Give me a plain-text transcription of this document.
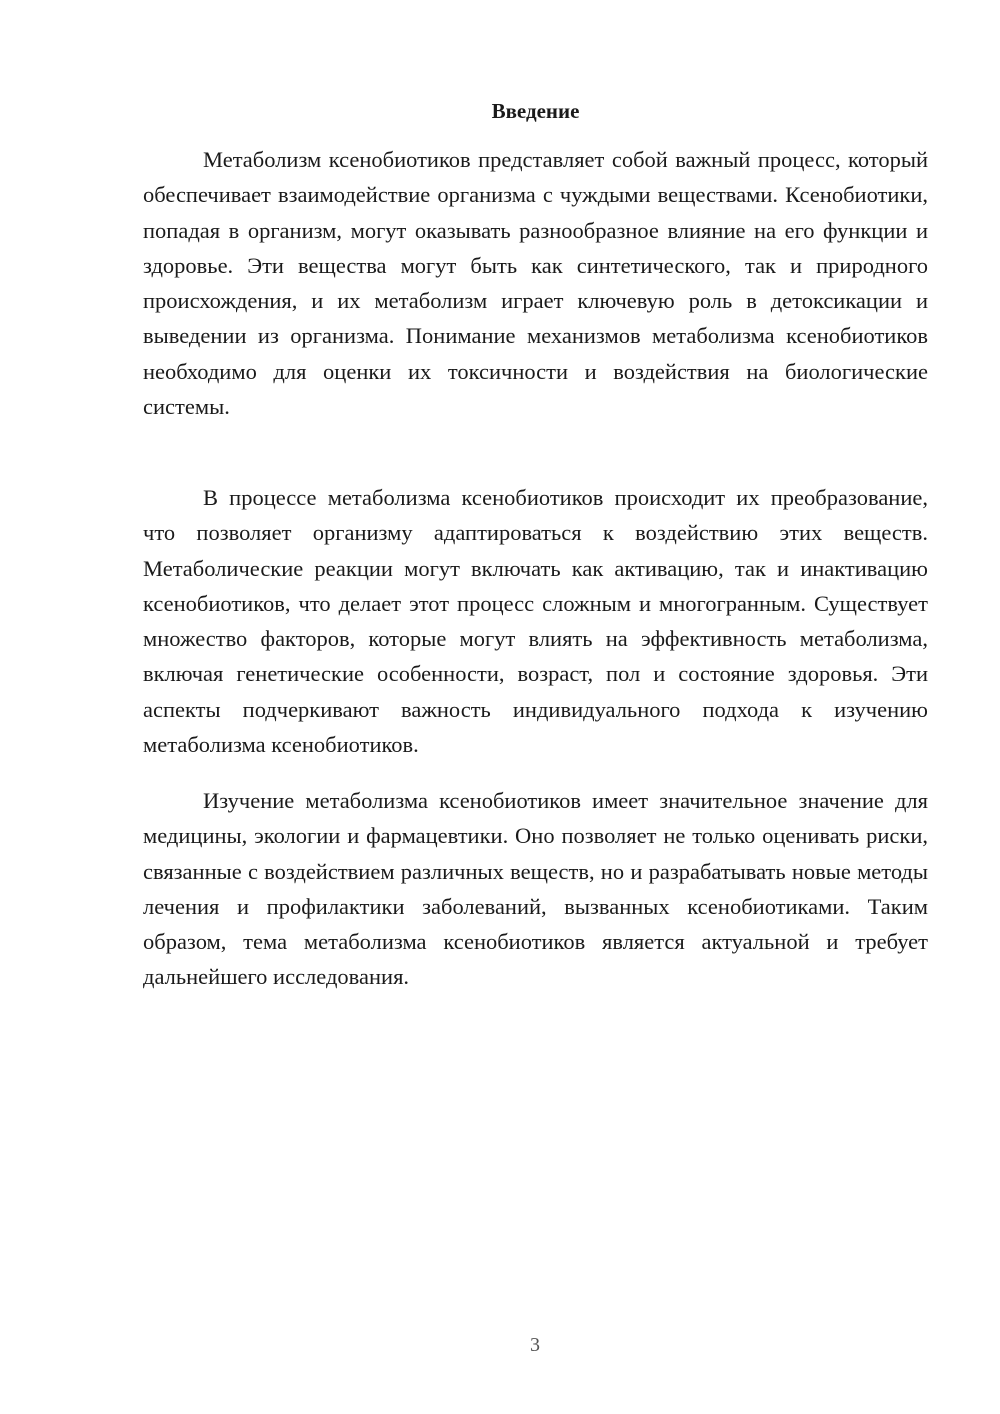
Введение

Метаболизм ксенобиотиков представляет собой важный процесс, который обеспечивает взаимодействие организма с чуждыми веществами. Ксенобиотики, попадая в организм, могут оказывать разнообразное влияние на его функции и здоровье. Эти вещества могут быть как синтетического, так и природного происхождения, и их метаболизм играет ключевую роль в детоксикации и выведении из организма. Понимание механизмов метаболизма ксенобиотиков необходимо для оценки их токсичности и воздействия на биологические системы.

В процессе метаболизма ксенобиотиков происходит их преобразование, что позволяет организму адаптироваться к воздействию этих веществ. Метаболические реакции могут включать как активацию, так и инактивацию ксенобиотиков, что делает этот процесс сложным и многогранным. Существует множество факторов, которые могут влиять на эффективность метаболизма, включая генетические особенности, возраст, пол и состояние здоровья. Эти аспекты подчеркивают важность индивидуального подхода к изучению метаболизма ксенобиотиков.

Изучение метаболизма ксенобиотиков имеет значительное значение для медицины, экологии и фармацевтики. Оно позволяет не только оценивать риски, связанные с воздействием различных веществ, но и разрабатывать новые методы лечения и профилактики заболеваний, вызванных ксенобиотиками. Таким образом, тема метаболизма ксенобиотиков является актуальной и требует дальнейшего исследования.

3
